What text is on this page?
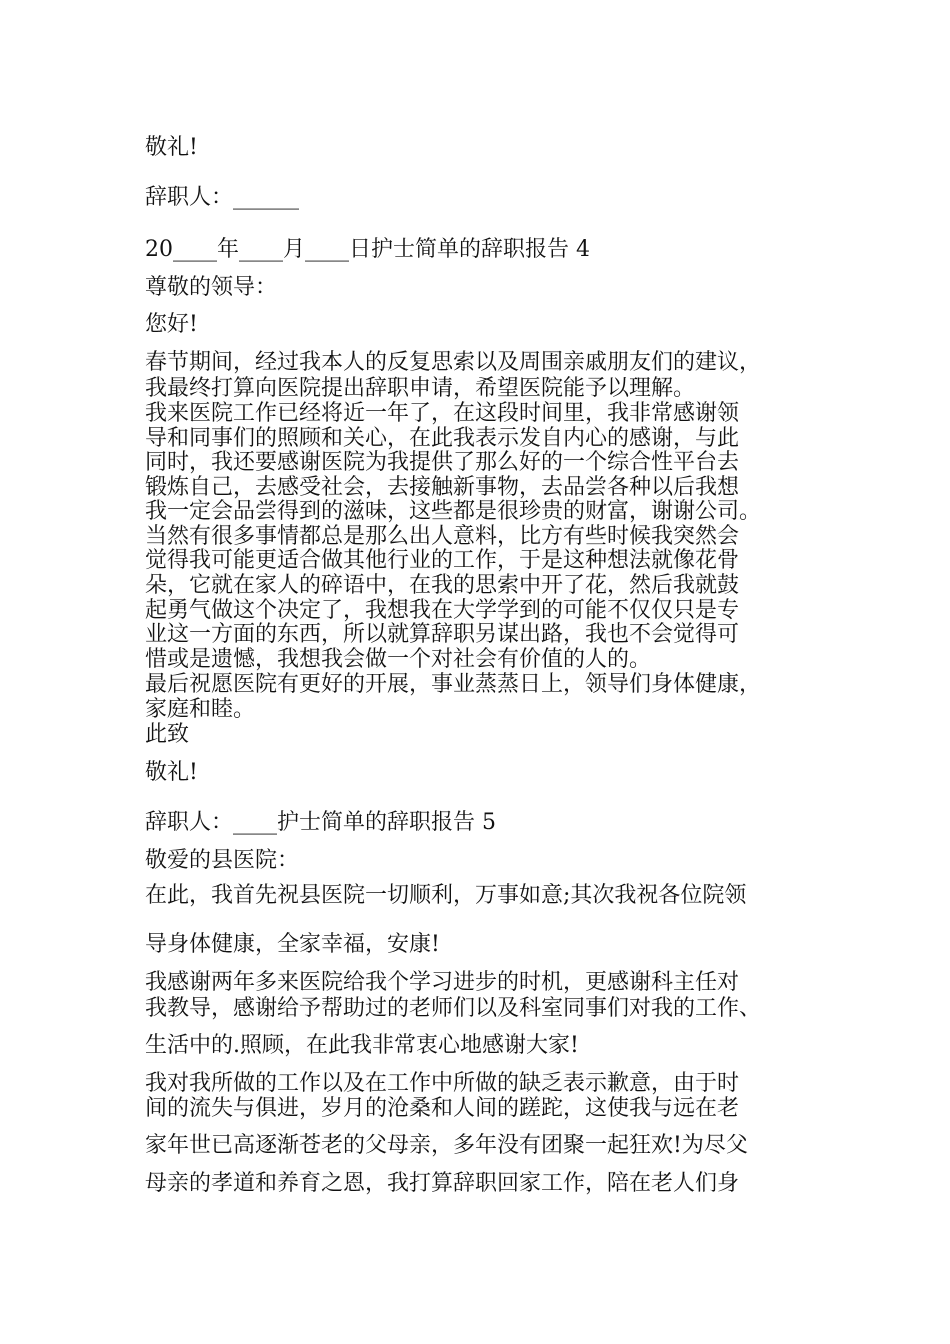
敬礼!

辞职人：______

20____年____月____日护士简单的辞职报告 4

尊敬的领导：

您好!

春节期间，经过我本人的反复思索以及周围亲戚朋友们的建议，

我最终打算向医院提出辞职申请，希望医院能予以理解。

我来医院工作已经将近一年了，在这段时间里，我非常感谢领

导和同事们的照顾和关心，在此我表示发自内心的感谢，与此

同时，我还要感谢医院为我提供了那么好的一个综合性平台去

锻炼自己，去感受社会，去接触新事物，去品尝各种以后我想

我一定会品尝得到的滋味，这些都是很珍贵的财富，谢谢公司。

当然有很多事情都总是那么出人意料，比方有些时候我突然会

觉得我可能更适合做其他行业的工作，于是这种想法就像花骨

朵，它就在家人的碎语中，在我的思索中开了花，然后我就鼓

起勇气做这个决定了，我想我在大学学到的可能不仅仅只是专

业这一方面的东西，所以就算辞职另谋出路，我也不会觉得可

惜或是遗憾，我想我会做一个对社会有价值的人的。

最后祝愿医院有更好的开展，事业蒸蒸日上，领导们身体健康，

家庭和睦。

此致

敬礼!

辞职人：____护士简单的辞职报告 5

敬爱的县医院：

在此，我首先祝县医院一切顺利，万事如意;其次我祝各位院领

导身体健康，全家幸福，安康!

我感谢两年多来医院给我个学习进步的时机，更感谢科主任对

我教导，感谢给予帮助过的老师们以及科室同事们对我的工作、

生活中的.照顾，在此我非常衷心地感谢大家!

我对我所做的工作以及在工作中所做的缺乏表示歉意，由于时

间的流失与俱进，岁月的沧桑和人间的蹉跎，这使我与远在老

家年世已高逐渐苍老的父母亲，多年没有团聚一起狂欢!为尽父

母亲的孝道和养育之恩，我打算辞职回家工作，陪在老人们身
